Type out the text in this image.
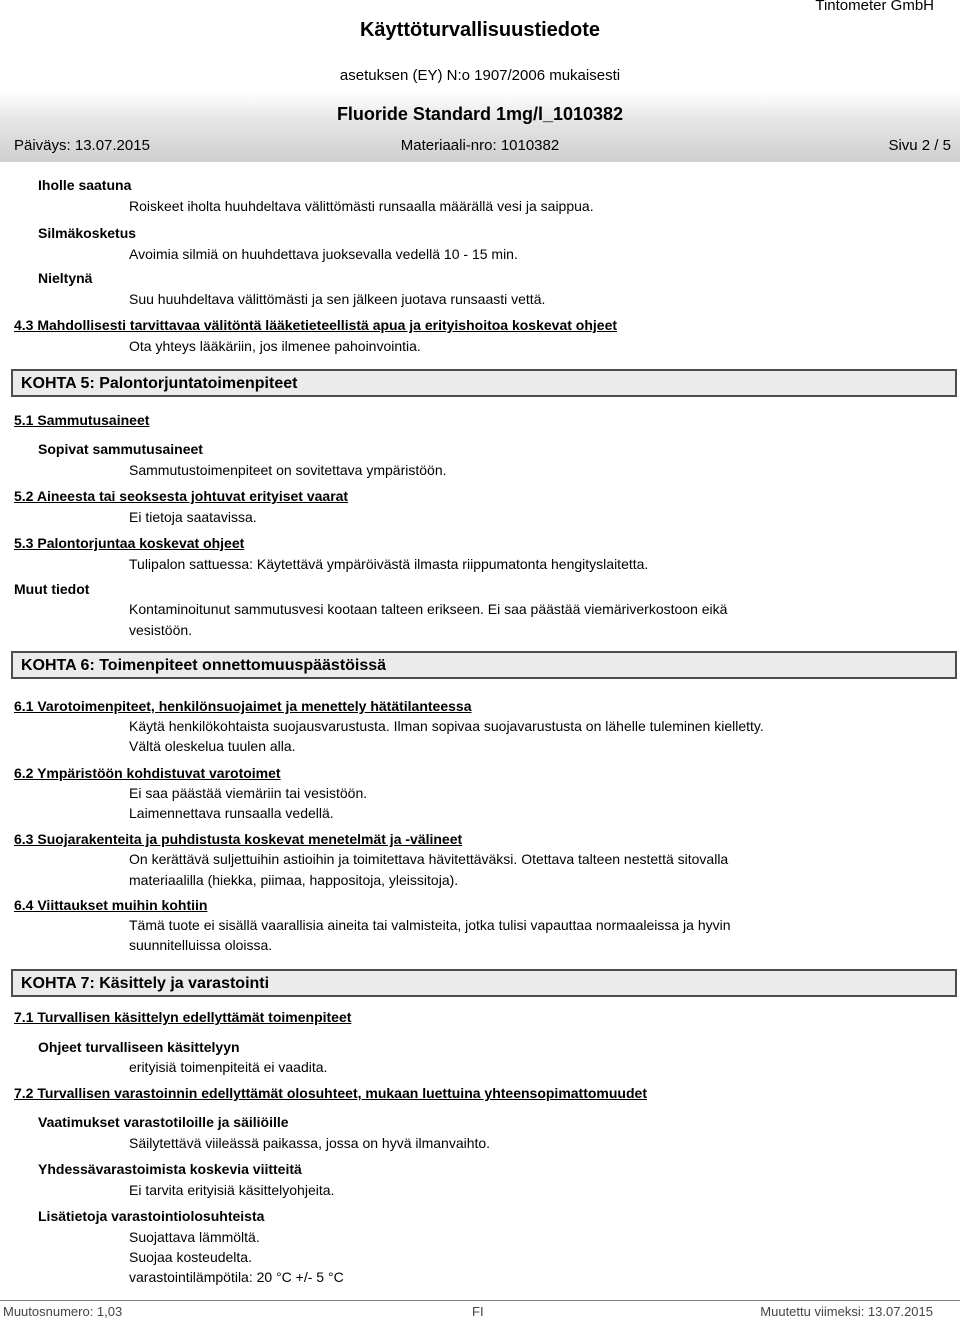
Käyttöturvallisuustiedote
Tintometer GmbH
asetuksen (EY) N:o 1907/2006 mukaisesti
Fluoride Standard 1mg/l_1010382
Päiväys: 13.07.2015	Materiaali-nro: 1010382	Sivu 2 / 5
Iholle saatuna
Roiskeet iholta huuhdeltava välittömästi runsaalla määrällä vesi ja saippua.
Silmäkosketus
Avoimia silmiä on huuhdettava juoksevalla vedellä 10 - 15 min.
Nieltynä
Suu huuhdeltava välittömästi ja sen jälkeen juotava runsaasti vettä.
4.3 Mahdollisesti tarvittavaa välitöntä lääketieteellistä apua ja erityishoitoa koskevat ohjeet
Ota yhteys lääkäriin, jos ilmenee pahoinvointia.
KOHTA 5: Palontorjuntatoimenpiteet
5.1 Sammutusaineet
Sopivat sammutusaineet
Sammutustoimenpiteet on sovitettava ympäristöön.
5.2 Aineesta tai seoksesta johtuvat erityiset vaarat
Ei tietoja saatavissa.
5.3 Palontorjuntaa koskevat ohjeet
Tulipalon sattuessa: Käytettävä ympäröivästä ilmasta riippumatonta hengityslaitetta.
Muut tiedot
Kontaminoitunut sammutusvesi kootaan talteen erikseen. Ei saa päästää viemäriverkostoon eikä
vesistöön.
KOHTA 6: Toimenpiteet onnettomuuspäästöissä
6.1 Varotoimenpiteet, henkilönsuojaimet ja menettely hätätilanteessa
Käytä henkilökohtaista suojausvarustusta. Ilman sopivaa suojavarustusta on lähelle tuleminen kielletty.
Vältä oleskelua tuulen alla.
6.2 Ympäristöön kohdistuvat varotoimet
Ei saa päästää viemäriin tai vesistöön.
Laimennettava runsaalla vedellä.
6.3 Suojarakenteita ja puhdistusta koskevat menetelmät ja -välineet
On kerättävä suljettuihin astioihin ja toimitettava hävitettäväksi. Otettava talteen nestettä sitovalla
materiaalilla (hiekka, piimaa, happositoja, yleissitoja).
6.4 Viittaukset muihin kohtiin
Tämä tuote ei sisällä vaarallisia aineita tai valmisteita, jotka tulisi vapauttaa normaaleissa ja hyvin
suunnitelluissa oloissa.
KOHTA 7: Käsittely ja varastointi
7.1 Turvallisen käsittelyn edellyttämät toimenpiteet
Ohjeet turvalliseen käsittelyyn
erityisiä toimenpiteitä ei vaadita.
7.2 Turvallisen varastoinnin edellyttämät olosuhteet, mukaan luettuina yhteensopimattomuudet
Vaatimukset varastotiloille ja säiliöille
Säilytettävä viileässä paikassa, jossa on hyvä ilmanvaihto.
Yhdessävarastoimista koskevia viitteitä
Ei tarvita erityisiä käsittelyohjeita.
Lisätietoja varastointiolosuhteista
Suojattava lämmöltä.
Suojaa kosteudelta.
varastointilämpötila: 20 °C +/- 5 °C
Muutosnumero: 1,03	FI	Muutettu viimeksi: 13.07.2015
